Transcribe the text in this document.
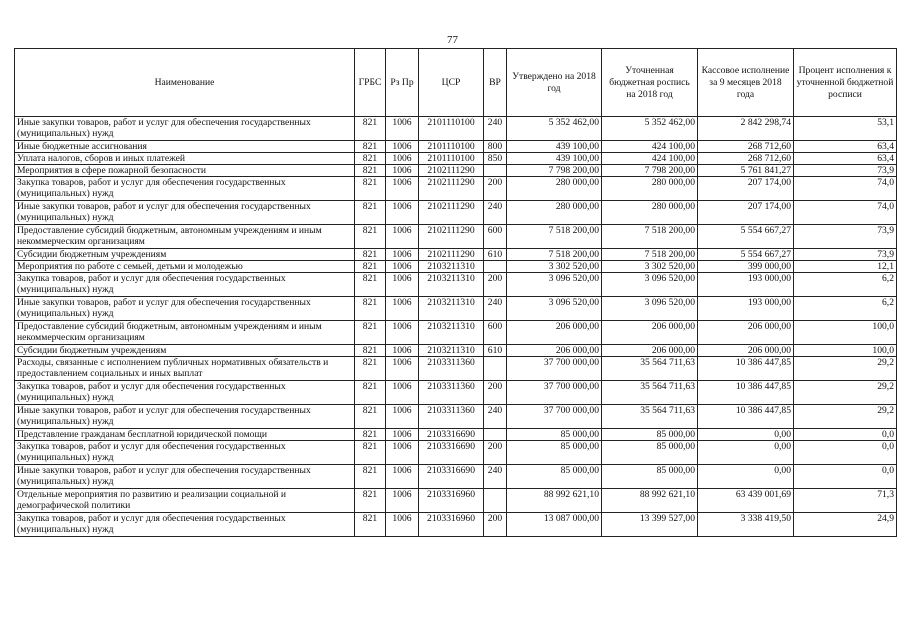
77
Наименование	ГРБС	Рз Пр	ЦСР	ВР	Утверждено на 2018 год	Уточненная бюджетная роспись на 2018 год	Кассовое исполнение за 9 месяцев 2018 года	Процент исполнения к уточненной бюджетной росписи
Иные закупки товаров, работ и услуг для обеспечения государственных (муниципальных) нужд	821	1006	2101110100	240	5 352 462,00	5 352 462,00	2 842 298,74	53,1
Иные бюджетные ассигнования	821	1006	2101110100	800	439 100,00	424 100,00	268 712,60	63,4
Уплата налогов, сборов и иных платежей	821	1006	2101110100	850	439 100,00	424 100,00	268 712,60	63,4
Мероприятия в сфере пожарной безопасности	821	1006	2102111290		7 798 200,00	7 798 200,00	5 761 841,27	73,9
Закупка товаров, работ и услуг для обеспечения государственных (муниципальных) нужд	821	1006	2102111290	200	280 000,00	280 000,00	207 174,00	74,0
Иные закупки товаров, работ и услуг для обеспечения государственных (муниципальных) нужд	821	1006	2102111290	240	280 000,00	280 000,00	207 174,00	74,0
Предоставление субсидий бюджетным, автономным учреждениям и иным некоммерческим организациям	821	1006	2102111290	600	7 518 200,00	7 518 200,00	5 554 667,27	73,9
Субсидии бюджетным учреждениям	821	1006	2102111290	610	7 518 200,00	7 518 200,00	5 554 667,27	73,9
Мероприятия по работе с семьей, детьми и молодежью	821	1006	2103211310		3 302 520,00	3 302 520,00	399 000,00	12,1
Закупка товаров, работ и услуг для обеспечения государственных (муниципальных) нужд	821	1006	2103211310	200	3 096 520,00	3 096 520,00	193 000,00	6,2
Иные закупки товаров, работ и услуг для обеспечения государственных (муниципальных) нужд	821	1006	2103211310	240	3 096 520,00	3 096 520,00	193 000,00	6,2
Предоставление субсидий бюджетным, автономным учреждениям и иным некоммерческим организациям	821	1006	2103211310	600	206 000,00	206 000,00	206 000,00	100,0
Субсидии бюджетным учреждениям	821	1006	2103211310	610	206 000,00	206 000,00	206 000,00	100,0
Расходы, связанные с исполнением публичных нормативных обязательств и предоставлением социальных и иных выплат	821	1006	2103311360		37 700 000,00	35 564 711,63	10 386 447,85	29,2
Закупка товаров, работ и услуг для обеспечения государственных (муниципальных) нужд	821	1006	2103311360	200	37 700 000,00	35 564 711,63	10 386 447,85	29,2
Иные закупки товаров, работ и услуг для обеспечения государственных (муниципальных) нужд	821	1006	2103311360	240	37 700 000,00	35 564 711,63	10 386 447,85	29,2
Представление гражданам бесплатной юридической помощи	821	1006	2103316690		85 000,00	85 000,00	0,00	0,0
Закупка товаров, работ и услуг для обеспечения государственных (муниципальных) нужд	821	1006	2103316690	200	85 000,00	85 000,00	0,00	0,0
Иные закупки товаров, работ и услуг для обеспечения государственных (муниципальных) нужд	821	1006	2103316690	240	85 000,00	85 000,00	0,00	0,0
Отдельные мероприятия по развитию и реализации социальной и демографической политики	821	1006	2103316960		88 992 621,10	88 992 621,10	63 439 001,69	71,3
Закупка товаров, работ и услуг для обеспечения государственных (муниципальных) нужд	821	1006	2103316960	200	13 087 000,00	13 399 527,00	3 338 419,50	24,9
